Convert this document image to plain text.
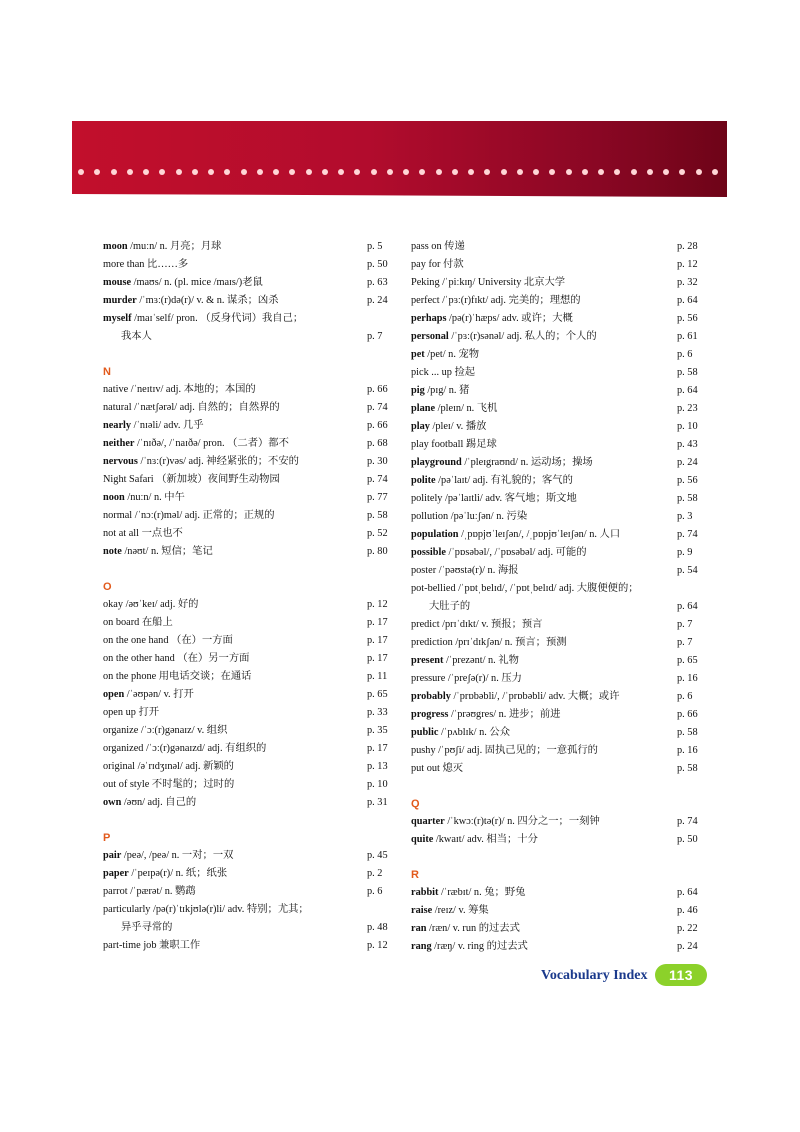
moon /muːn/ n. 月亮；月球	p. 5
more than 比……多	p. 50
mouse /maʊs/ n. (pl. mice /maɪs/)老鼠	p. 63
murder /ˈmɜː(r)də(r)/ v. & n. 谋杀；凶杀	p. 24
myself /maɪˈself/ pron. （反身代词）我自己；
我本人	p. 7
N
native /ˈneɪtɪv/ adj. 本地的；本国的	p. 66
natural /ˈnætʃərəl/ adj. 自然的；自然界的	p. 74
nearly /ˈnɪəli/ adv. 几乎	p. 66
neither /ˈnɪðə/, /ˈnaɪðə/ pron. （二者）都不	p. 68
nervous /ˈnɜː(r)vəs/ adj. 神经紧张的；不安的	p. 30
Night Safari （新加坡）夜间野生动物园	p. 74
noon /nuːn/ n. 中午	p. 77
normal /ˈnɔː(r)məl/ adj. 正常的；正规的	p. 58
not at all 一点也不	p. 52
note /nəʊt/ n. 短信；笔记	p. 80
O
okay /əʊˈkeɪ/ adj. 好的	p. 12
on board 在船上	p. 17
on the one hand （在）一方面	p. 17
on the other hand （在）另一方面	p. 17
on the phone 用电话交谈；在通话	p. 11
open /ˈəʊpən/ v. 打开	p. 65
open up 打开	p. 33
organize /ˈɔː(r)gənaɪz/ v. 组织	p. 35
organized /ˈɔː(r)gənaɪzd/ adj. 有组织的	p. 17
original /əˈrɪdʒɪnəl/ adj. 新颖的	p. 13
out of style 不时髦的；过时的	p. 10
own /əʊn/ adj. 自己的	p. 31
P
pair /peə/, /peə/ n. 一对；一双	p. 45
paper /ˈpeɪpə(r)/ n. 纸；纸张	p. 2
parrot /ˈpærət/ n. 鹦鹉	p. 6
particularly /pə(r)ˈtɪkjʊlə(r)li/ adv. 特别；尤其；
异乎寻常的	p. 48
part-time job 兼职工作	p. 12
pass on 传递	p. 28
pay for 付款	p. 12
Peking /ˈpiːkɪŋ/ University 北京大学	p. 32
perfect /ˈpɜː(r)fɪkt/ adj. 完美的；理想的	p. 64
perhaps /pə(r)ˈhæps/ adv. 或许；大概	p. 56
personal /ˈpɜː(r)sənəl/ adj. 私人的；个人的	p. 61
pet /pet/ n. 宠物	p. 6
pick ... up 捡起	p. 58
pig /pɪg/ n. 猪	p. 64
plane /pleɪn/ n. 飞机	p. 23
play /pleɪ/ v. 播放	p. 10
play football 踢足球	p. 43
playground /ˈpleɪgraʊnd/ n. 运动场；操场	p. 24
polite /pəˈlaɪt/ adj. 有礼貌的；客气的	p. 56
politely /pəˈlaɪtli/ adv. 客气地；斯文地	p. 58
pollution /pəˈluːʃən/ n. 污染	p. 3
population /ˌpɒpjʊˈleɪʃən/, /ˌpɒpjʊˈleɪʃən/ n. 人口	p. 74
possible /ˈpɒsəbəl/, /ˈpɒsəbəl/ adj. 可能的	p. 9
poster /ˈpəʊstə(r)/ n. 海报	p. 54
pot-bellied /ˈpɒtˌbelɪd/, /ˈpɒtˌbelɪd/ adj. 大腹便便的；
大肚子的	p. 64
predict /prɪˈdɪkt/ v. 预报；预言	p. 7
prediction /prɪˈdɪkʃən/ n. 预言；预测	p. 7
present /ˈprezənt/ n. 礼物	p. 65
pressure /ˈpreʃə(r)/ n. 压力	p. 16
probably /ˈprɒbəbli/, /ˈprɒbəbli/ adv. 大概；或许	p. 6
progress /ˈprəʊgres/ n. 进步；前进	p. 66
public /ˈpʌblɪk/ n. 公众	p. 58
pushy /ˈpʊʃi/ adj. 固执己见的；一意孤行的	p. 16
put out 熄灭	p. 58
Q
quarter /ˈkwɔː(r)tə(r)/ n. 四分之一；一刻钟	p. 74
quite /kwaɪt/ adv. 相当；十分	p. 50
R
rabbit /ˈræbɪt/ n. 兔；野兔	p. 64
raise /reɪz/ v. 筹集	p. 46
ran /ræn/ v. run 的过去式	p. 22
rang /ræŋ/ v. ring 的过去式	p. 24
Vocabulary Index 113
